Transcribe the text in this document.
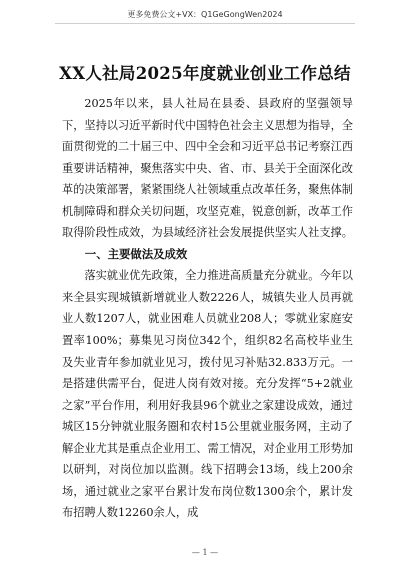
更多免费公文+VX：Q1GeGongWen2024
XX人社局2025年度就业创业工作总结

2025年以来，县人社局在县委、县政府的坚强领导下，坚持以习近平新时代中国特色社会主义思想为指导，全面贯彻党的二十届三中、四中全会和习近平总书记考察江西重要讲话精神，聚焦落实中央、省、市、县关于全面深化改革的决策部署，紧紧围绕人社领域重点改革任务，聚焦体制机制障碍和群众关切问题，攻坚克难，锐意创新，改革工作取得阶段性成效，为县域经济社会发展提供坚实人社支撑。

一、主要做法及成效

落实就业优先政策，全力推进高质量充分就业。今年以来全县实现城镇新增就业人数2226人，城镇失业人员再就业人数1207人，就业困难人员就业208人；零就业家庭安置率100%；募集见习岗位342个，组织82名高校毕业生及失业青年参加就业见习，拨付见习补贴32.833万元。一是搭建供需平台，促进人岗有效对接。充分发挥“5+2就业之家”平台作用，利用好我县96个就业之家建设成效，通过城区15分钟就业服务圈和农村15公里就业服务网，主动了解企业尤其是重点企业用工、需工情况，对企业用工形势加以研判，对岗位加以监测。线下招聘会13场，线上200余场，通过就业之家平台累计发布岗位数1300余个，累计发布招聘人数12260余人，成

— 1 —
